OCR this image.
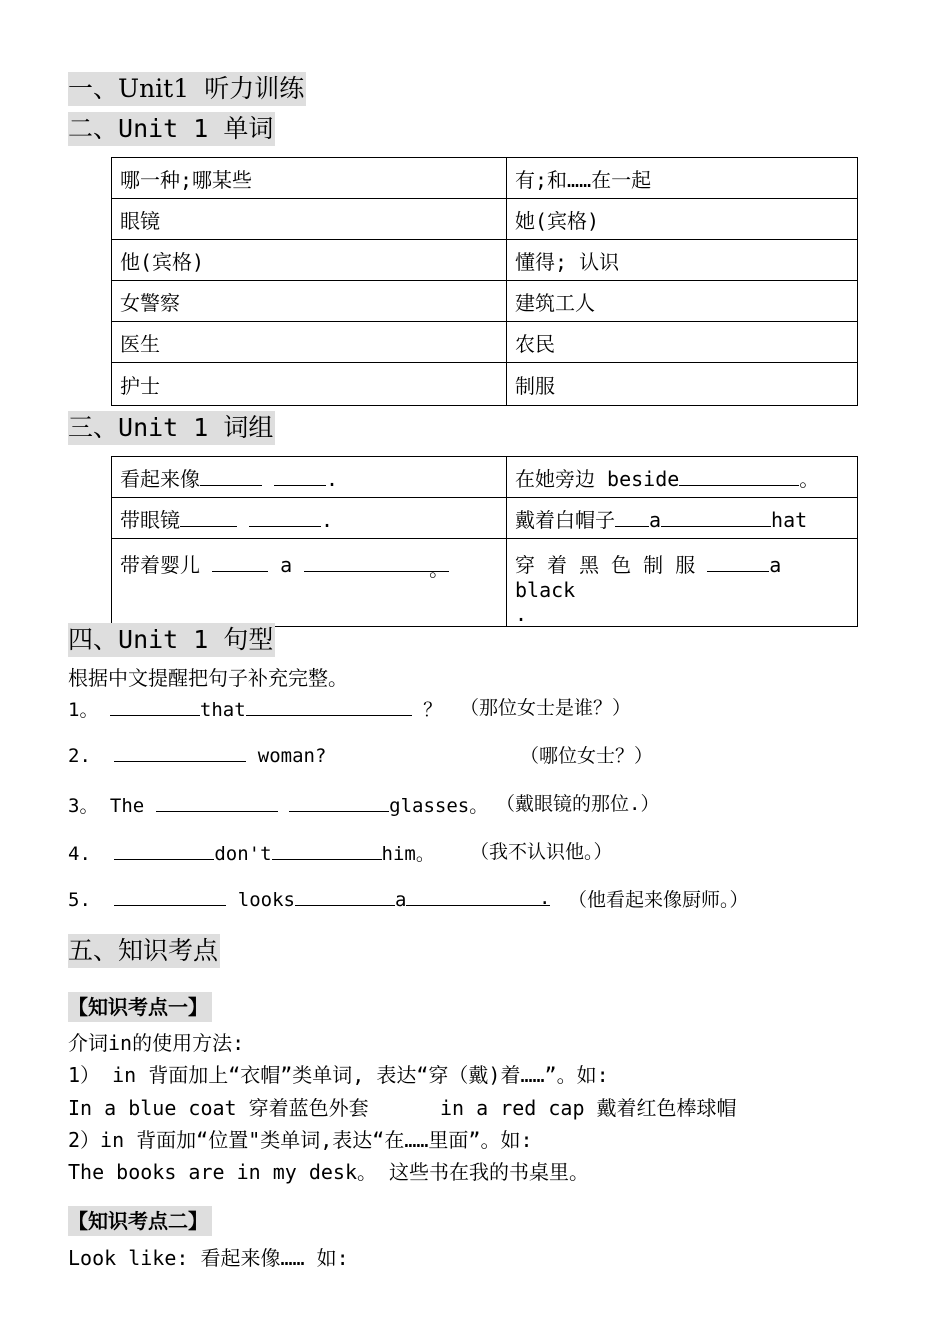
一、Unit1 听力训练
二、Unit 1 单词
哪一种;哪某些	有;和……在一起
眼镜	她(宾格)
他(宾格)	懂得; 认识
女警察	建筑工人
医生	农民
护士	制服
三、Unit 1 词组
看起来像 .	在她旁边 beside 。
带眼镜 .	戴着白帽子 a hat
带着婴儿 a 。	穿 着 黑 色 制 服 a black
.
四、Unit 1 句型
根据中文提醒把句子补充完整。
1。	that	？ （那位女士是谁？）
2.	woman?	（哪位女士？）
3。 The	glasses。 （戴眼镜的那位.）
4.	don't	him。 （我不认识他。）
5.	looks	a	. （他看起来像厨师。）
五、知识考点
【知识考点一】
介词in的使用方法:
1） in 背面加上“衣帽”类单词, 表达“穿（戴)着……”。如:
In a blue coat 穿着蓝色外套	in a red cap 戴着红色棒球帽
2）in 背面加“位置"类单词,表达“在……里面”。如:
The books are in my desk。 这些书在我的书桌里。
【知识考点二】
Look like: 看起来像…… 如:
